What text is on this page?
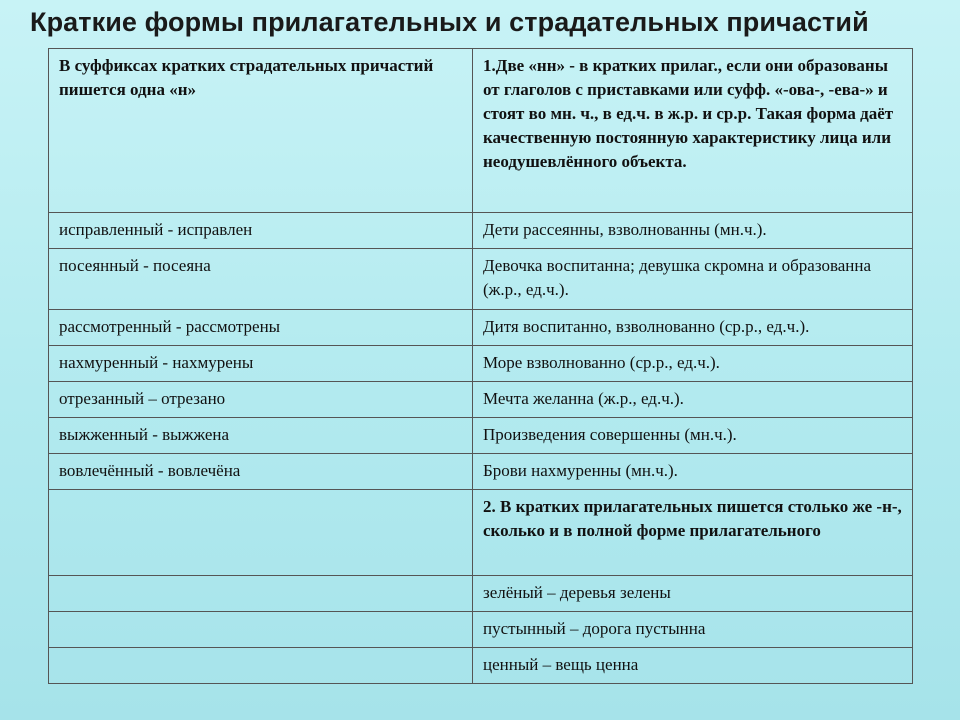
Краткие формы прилагательных и страдательных причастий
В суффиксах кратких страдательных причастий пишется одна «н»	1.Две «нн» - в кратких прилаг., если они образованы от глаголов с приставками или суфф. «-ова-, -ева-» и стоят во мн. ч., в ед.ч. в ж.р. и ср.р. Такая форма даёт качественную постоянную характеристику лица или неодушевлённого объекта.

исправленный - исправлен	Дети рассеянны, взволнованны (мн.ч.).
посеянный - посеяна	Девочка воспитанна; девушка скромна и образованна (ж.р., ед.ч.).
рассмотренный - рассмотрены	Дитя воспитанно, взволнованно (ср.р., ед.ч.).
нахмуренный - нахмурены	Море взволнованно (ср.р., ед.ч.).
отрезанный – отрезано	Мечта желанна (ж.р., ед.ч.).
выжженный - выжжена	Произведения совершенны (мн.ч.).
вовлечённый - вовлечёна	Брови нахмуренны (мн.ч.).
	2. В кратких прилагательных пишется столько же -н-, сколько и в полной форме прилагательного
	зелёный – деревья зелены
	пустынный – дорога пустынна
	ценный – вещь ценна
